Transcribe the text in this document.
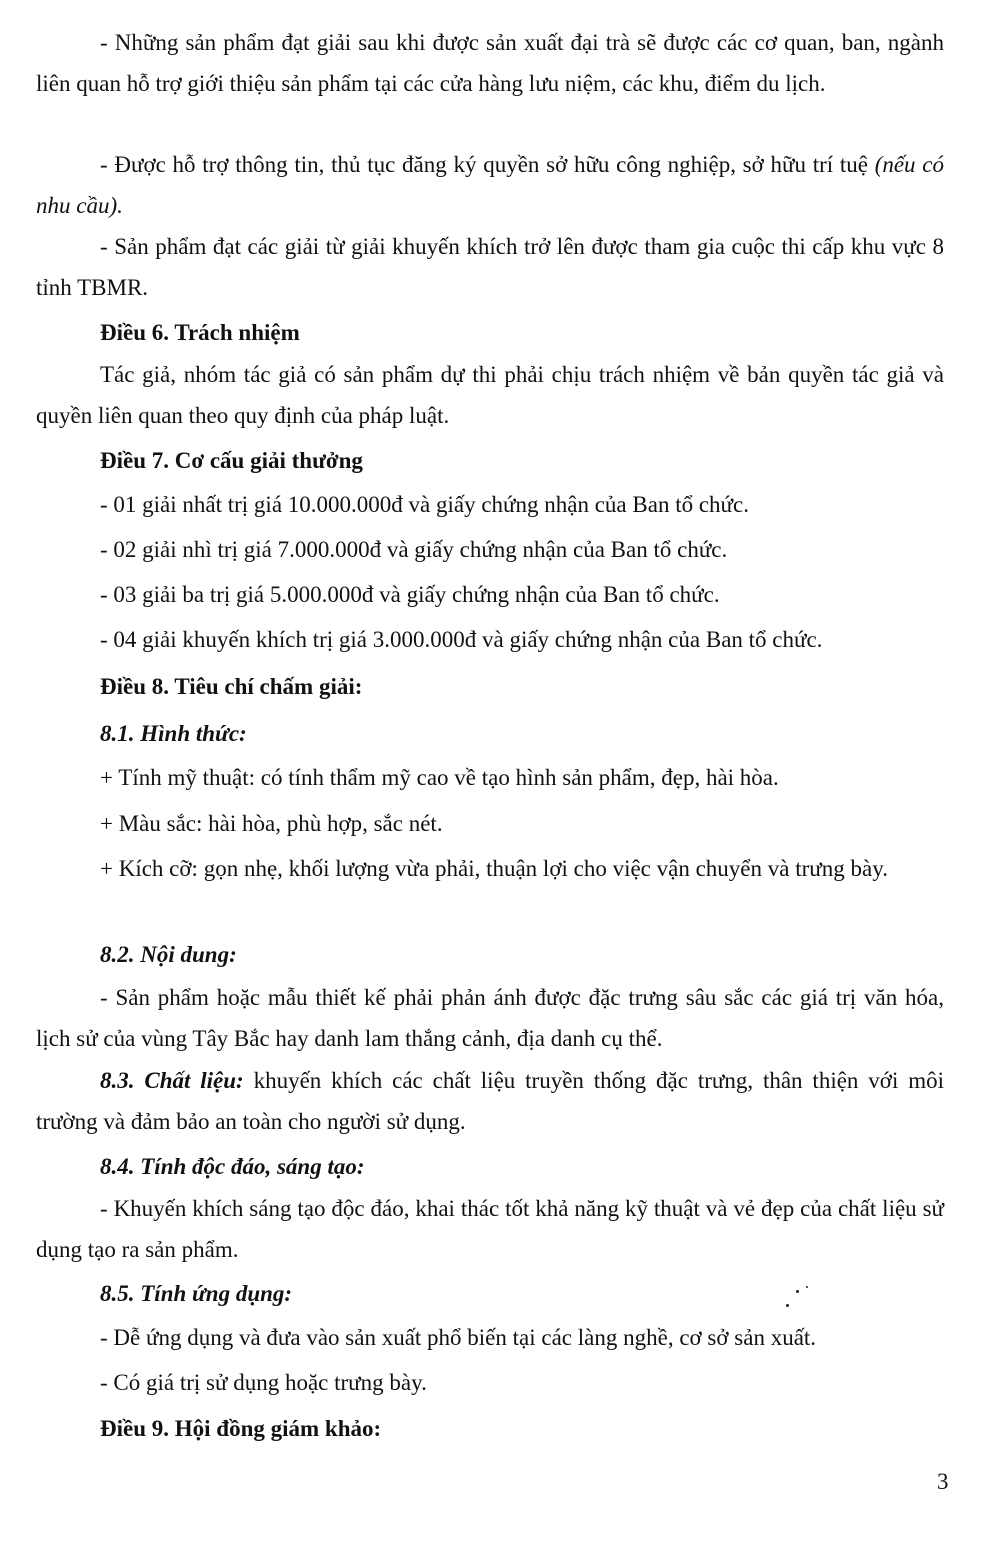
- Những sản phẩm đạt giải sau khi được sản xuất đại trà sẽ được các cơ quan, ban, ngành liên quan hỗ trợ giới thiệu sản phẩm tại các cửa hàng lưu niệm, các khu, điểm du lịch.

- Được hỗ trợ thông tin, thủ tục đăng ký quyền sở hữu công nghiệp, sở hữu trí tuệ (nếu có nhu cầu).

- Sản phẩm đạt các giải từ giải khuyến khích trở lên được tham gia cuộc thi cấp khu vực 8 tỉnh TBMR.

Điều 6. Trách nhiệm

Tác giả, nhóm tác giả có sản phẩm dự thi phải chịu trách nhiệm về bản quyền tác giả và quyền liên quan theo quy định của pháp luật.

Điều 7. Cơ cấu giải thưởng

- 01 giải nhất trị giá 10.000.000đ và giấy chứng nhận của Ban tổ chức.

- 02 giải nhì trị giá 7.000.000đ và giấy chứng nhận của Ban tổ chức.

- 03 giải ba trị giá 5.000.000đ và giấy chứng nhận của Ban tổ chức.

- 04 giải khuyến khích trị giá 3.000.000đ và giấy chứng nhận của Ban tổ chức.

Điều 8. Tiêu chí chấm giải:

8.1. Hình thức:

+ Tính mỹ thuật: có tính thẩm mỹ cao về tạo hình sản phẩm, đẹp, hài hòa.

+ Màu sắc: hài hòa, phù hợp, sắc nét.

+ Kích cỡ: gọn nhẹ, khối lượng vừa phải, thuận lợi cho việc vận chuyển và trưng bày.

8.2. Nội dung:

- Sản phẩm hoặc mẫu thiết kế phải phản ánh được đặc trưng sâu sắc các giá trị văn hóa, lịch sử của vùng Tây Bắc hay danh lam thắng cảnh, địa danh cụ thể.

8.3. Chất liệu: khuyến khích các chất liệu truyền thống đặc trưng, thân thiện với môi trường và đảm bảo an toàn cho người sử dụng.

8.4. Tính độc đáo, sáng tạo:

- Khuyến khích sáng tạo độc đáo, khai thác tốt khả năng kỹ thuật và vẻ đẹp của chất liệu sử dụng tạo ra sản phẩm.

8.5. Tính ứng dụng:

- Dễ ứng dụng và đưa vào sản xuất phổ biến tại các làng nghề, cơ sở sản xuất.

- Có giá trị sử dụng hoặc trưng bày.

Điều 9. Hội đồng giám khảo:

3
